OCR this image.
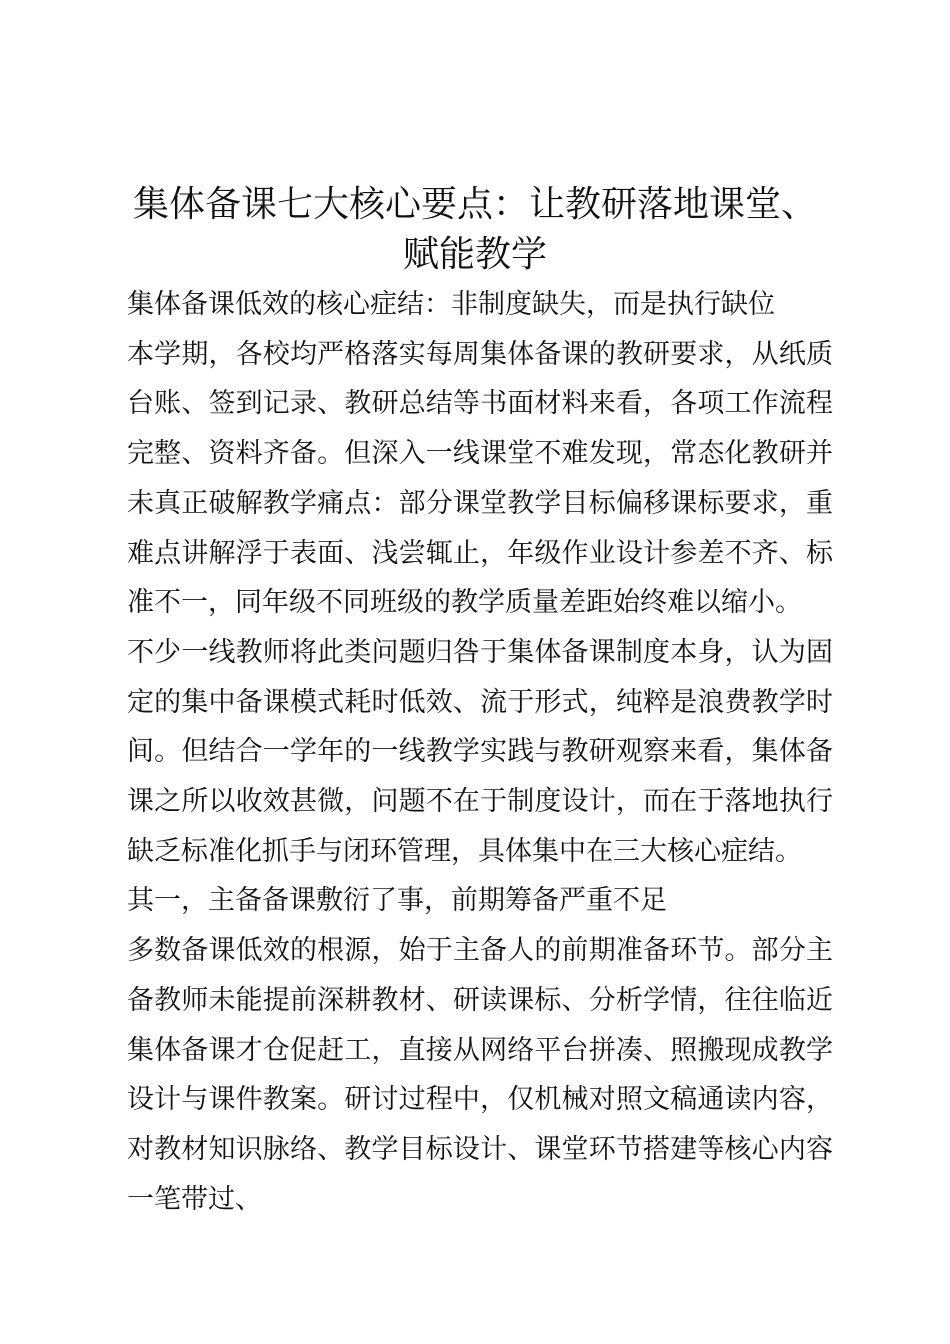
集体备课七大核心要点：让教研落地课堂、赋能教学

集体备课低效的核心症结：非制度缺失，而是执行缺位

本学期，各校均严格落实每周集体备课的教研要求，从纸质台账、签到记录、教研总结等书面材料来看，各项工作流程完整、资料齐备。但深入一线课堂不难发现，常态化教研并未真正破解教学痛点：部分课堂教学目标偏移课标要求，重难点讲解浮于表面、浅尝辄止，年级作业设计参差不齐、标准不一，同年级不同班级的教学质量差距始终难以缩小。

不少一线教师将此类问题归咎于集体备课制度本身，认为固定的集中备课模式耗时低效、流于形式，纯粹是浪费教学时间。但结合一学年的一线教学实践与教研观察来看，集体备课之所以收效甚微，问题不在于制度设计，而在于落地执行缺乏标准化抓手与闭环管理，具体集中在三大核心症结。

其一，主备备课敷衍了事，前期筹备严重不足

多数备课低效的根源，始于主备人的前期准备环节。部分主备教师未能提前深耕教材、研读课标、分析学情，往往临近集体备课才仓促赶工，直接从网络平台拼凑、照搬现成教学设计与课件教案。研讨过程中，仅机械对照文稿通读内容，对教材知识脉络、教学目标设计、课堂环节搭建等核心内容一笔带过、
